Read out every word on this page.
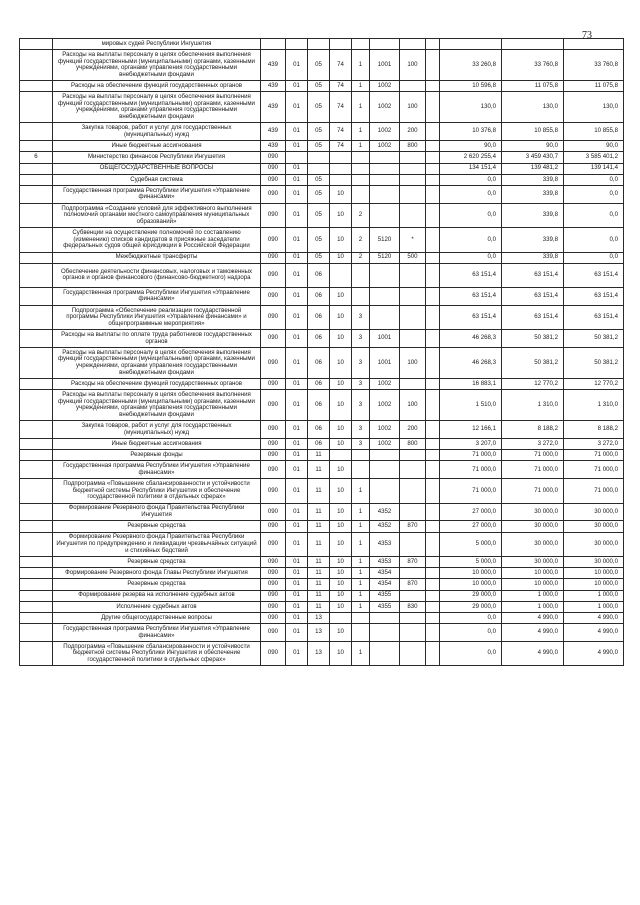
73
	мировых судей Республики Ингушетия											
	Расходы на выплаты персоналу в целях обеспечения выполнения функций государственными (муниципальными) органами, казенными учреждениями, органами управления государственными внебюджетными фондами	439	01	05	74	1	1001	100		33 260,8	33 760,8	33 760,8
	Расходы на обеспечение функций государственных органов	439	01	05	74	1	1002			10 596,8	11 075,8	11 075,8
	Расходы на выплаты персоналу в целях обеспечения выполнения функций государственными (муниципальными) органами, казенными учреждениями, органами управления государственными внебюджетными фондами	439	01	05	74	1	1002	100		130,0	130,0	130,0
	Закупка товаров, работ и услуг для государственных (муниципальных) нужд	439	01	05	74	1	1002	200		10 376,8	10 855,8	10 855,8
	Иные бюджетные ассигнования	439	01	05	74	1	1002	800		90,0	90,0	90,0
6	Министерство финансов Республики Ингушетия	090								2 620 255,4	3 459 430,7	3 585 401,2
	ОБЩЕГОСУДАРСТВЕННЫЕ ВОПРОСЫ	090	01							134 151,4	139 481,2	139 141,4
	Судебная система	090	01	05						0,0	339,8	0,0
	Государственная программа Республики Ингушетия «Управление финансами»	090	01	05	10					0,0	339,8	0,0
	Подпрограмма «Создание условий для эффективного выполнения полномочий органами местного самоуправления муниципальных образований»	090	01	05	10	2				0,0	339,8	0,0
	Субвенции на осуществление полномочий по составлению (изменению) списков кандидатов в присяжные заседатели федеральных судов общей юрисдикции в Российской Федерации	090	01	05	10	2	5120	*		0,0	339,8	0,0
	Межбюджетные трансферты	090	01	05	10	2	5120	500		0,0	339,8	0,0
	Обеспечение деятельности финансовых, налоговых и таможенных органов и органов финансового (финансово-бюджетного) надзора	090	01	06						63 151,4	63 151,4	63 151,4
	Государственная программа Республики Ингушетия «Управление финансами»	090	01	06	10					63 151,4	63 151,4	63 151,4
	Подпрограмма «Обеспечение реализации государственной программы Республики Ингушетия «Управление финансами» и общепрограммные мероприятия»	090	01	06	10	3				63 151,4	63 151,4	63 151,4
	Расходы на выплаты по оплате труда работников государственных органов	090	01	06	10	3	1001			46 268,3	50 381,2	50 381,2
	Расходы на выплаты персоналу в целях обеспечения выполнения функций государственными (муниципальными) органами, казенными учреждениями, органами управления государственными внебюджетными фондами	090	01	06	10	3	1001	100		46 268,3	50 381,2	50 381,2
	Расходы на обеспечение функций государственных органов	090	01	06	10	3	1002			16 883,1	12 770,2	12 770,2
	Расходы на выплаты персоналу в целях обеспечения выполнения функций государственными (муниципальными) органами, казенными учреждениями, органами управления государственными внебюджетными фондами	090	01	06	10	3	1002	100		1 510,0	1 310,0	1 310,0
	Закупка товаров, работ и услуг для государственных (муниципальных) нужд	090	01	06	10	3	1002	200		12 166,1	8 188,2	8 188,2
	Иные бюджетные ассигнования	090	01	06	10	3	1002	800		3 207,0	3 272,0	3 272,0
	Резервные фонды	090	01	11						71 000,0	71 000,0	71 000,0
	Государственная программа Республики Ингушетия «Управление финансами»	090	01	11	10					71 000,0	71 000,0	71 000,0
	Подпрограмма «Повышение сбалансированности и устойчивости бюджетной системы Республики Ингушетия и обеспечение государственной политики в отдельных сферах»	090	01	11	10	1				71 000,0	71 000,0	71 000,0
	Формирование Резервного фонда Правительства Республики Ингушетия	090	01	11	10	1	4352			27 000,0	30 000,0	30 000,0
	Резервные средства	090	01	11	10	1	4352	870		27 000,0	30 000,0	30 000,0
	Формирование Резервного фонда Правительства Республики Ингушетия по предупреждению и ликвидации чрезвычайных ситуаций и стихийных бедствий	090	01	11	10	1	4353			5 000,0	30 000,0	30 000,0
	Резервные средства	090	01	11	10	1	4353	870		5 000,0	30 000,0	30 000,0
	Формирование Резервного фонда Главы Республики Ингушетия	090	01	11	10	1	4354			10 000,0	10 000,0	10 000,0
	Резервные средства	090	01	11	10	1	4354	870		10 000,0	10 000,0	10 000,0
	Формирование резерва на исполнение судебных актов	090	01	11	10	1	4355			29 000,0	1 000,0	1 000,0
	Исполнение судебных актов	090	01	11	10	1	4355	830		29 000,0	1 000,0	1 000,0
	Другие общегосударственные вопросы	090	01	13						0,0	4 990,0	4 990,0
	Государственная программа Республики Ингушетия «Управление финансами»	090	01	13	10					0,0	4 990,0	4 990,0
	Подпрограмма «Повышение сбалансированности и устойчивости бюджетной системы Республики Ингушетия и обеспечение государственной политики в отдельных сферах»	090	01	13	10	1				0,0	4 990,0	4 990,0
